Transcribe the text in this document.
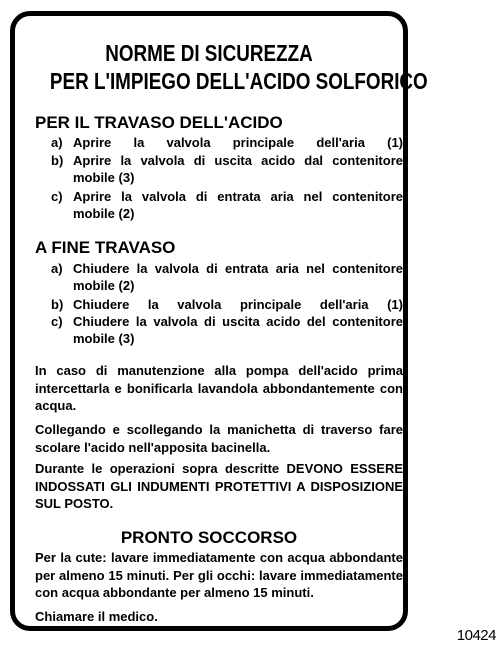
NORME DI SICUREZZA
PER L'IMPIEGO DELL'ACIDO SOLFORICO
PER IL TRAVASO DELL'ACIDO
a) Aprire la valvola principale dell'aria (1)
b) Aprire la valvola di uscita acido dal contenitore mobile (3)
c) Aprire la valvola di entrata aria nel contenitore mobile (2)
A FINE TRAVASO
a) Chiudere la valvola di entrata aria nel contenitore mobile (2)
b) Chiudere la valvola principale dell'aria (1)
c) Chiudere la valvola di uscita acido del contenitore mobile (3)
In caso di manutenzione alla pompa dell'acido prima intercettarla e bonificarla lavandola abbondantemente con acqua.
Collegando e scollegando la manichetta di traverso fare scolare l'acido nell'apposita bacinella.
Durante le operazioni sopra descritte DEVONO ESSERE INDOSSATI GLI INDUMENTI PROTETTIVI A DISPOSIZIONE SUL POSTO.
PRONTO SOCCORSO
Per la cute: lavare immediatamente con acqua abbondante per almeno 15 minuti. Per gli occhi: lavare immediatamente con acqua abbondante per almeno 15 minuti.
Chiamare il medico.
10424
